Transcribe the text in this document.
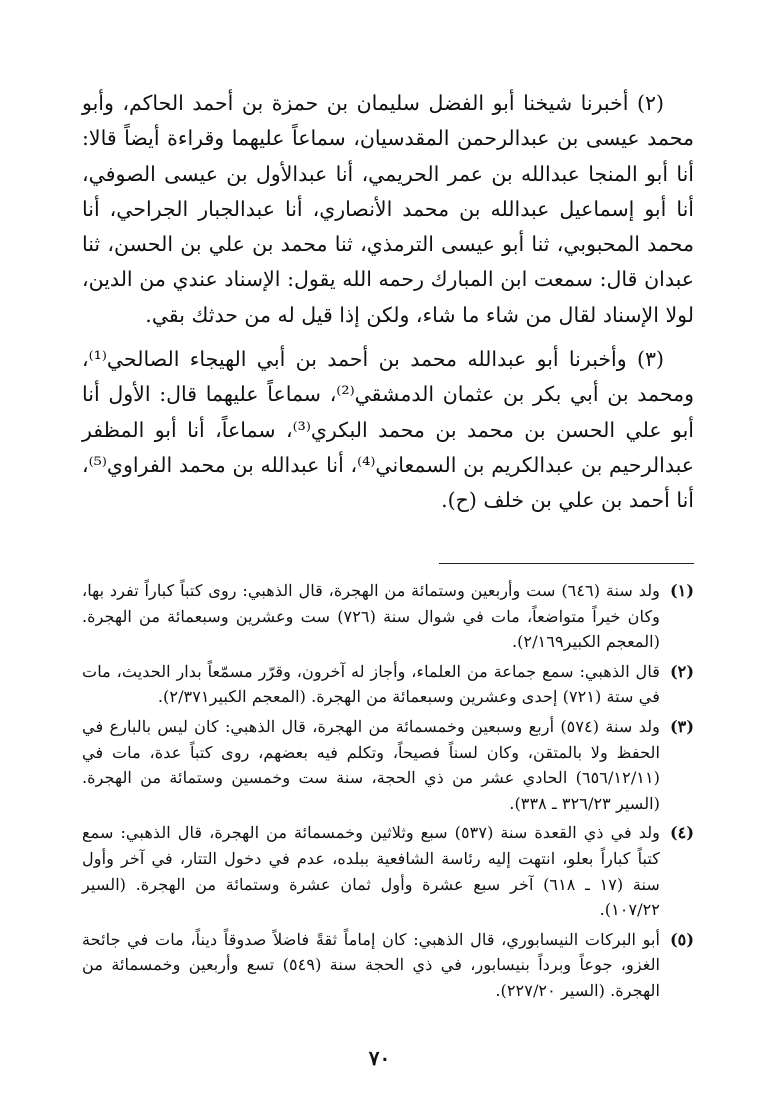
(٢) أخبرنا شيخنا أبو الفضل سليمان بن حمزة بن أحمد الحاكم، وأبو محمد عيسى بن عبدالرحمن المقدسيان، سماعاً عليهما وقراءة أيضاً قالا: أنا أبو المنجا عبدالله بن عمر الحريمي، أنا عبدالأول بن عيسى الصوفي، أنا أبو إسماعيل عبدالله بن محمد الأنصاري، أنا عبدالجبار الجراحي، أنا محمد المحبوبي، ثنا أبو عيسى الترمذي، ثنا محمد بن علي بن الحسن، ثنا عبدان قال: سمعت ابن المبارك رحمه الله يقول: الإسناد عندي من الدين، لولا الإسناد لقال من شاء ما شاء، ولكن إذا قيل له من حدثك بقي.

(٣) وأخبرنا أبو عبدالله محمد بن أحمد بن أبي الهيجاء الصالحي⁽¹⁾، ومحمد بن أبي بكر بن عثمان الدمشقي⁽²⁾، سماعاً عليهما قال: الأول أنا أبو علي الحسن بن محمد بن محمد البكري⁽³⁾، سماعاً، أنا أبو المظفر عبدالرحيم بن عبدالكريم بن السمعاني⁽⁴⁾، أنا عبدالله بن محمد الفراوي⁽⁵⁾، أنا أحمد بن علي بن خلف (ح).

(١)
ولد سنة (٦٤٦) ست وأربعين وستمائة من الهجرة، قال الذهبي: روى كتباً كباراً تفرد بها، وكان خيراً متواضعاً، مات في شوال سنة (٧٢٦) ست وعشرين وسبعمائة من الهجرة. (المعجم الكبير٢/١٦٩).
(٢)
قال الذهبي: سمع جماعة من العلماء، وأجاز له آخرون، وقرّر مسمّعاً بدار الحديث، مات في ستة (٧٢١) إحدى وعشرين وسبعمائة من الهجرة. (المعجم الكبير٢/٣٧١).
(٣)
ولد سنة (٥٧٤) أربع وسبعين وخمسمائة من الهجرة، قال الذهبي: كان ليس بالبارع في الحفظ ولا بالمتقن، وكان لسناً فصيحاً، وتكلم فيه بعضهم، روى كتباً عدة، مات في (٦٥٦/١٢/١١) الحادي عشر من ذي الحجة، سنة ست وخمسين وستمائة من الهجرة. (السير ٣٢٦/٢٣ ـ ٣٣٨).
(٤)
ولد في ذي القعدة سنة (٥٣٧) سبع وثلاثين وخمسمائة من الهجرة، قال الذهبي: سمع كتباً كباراً بعلو، انتهت إليه رئاسة الشافعية ببلده، عدم في دخول التتار، في آخر وأول سنة (١٧ ـ ٦١٨) آخر سبع عشرة وأول ثمان عشرة وستمائة من الهجرة. (السير ١٠٧/٢٢).
(٥)
أبو البركات النيسابوري، قال الذهبي: كان إماماً ثقةً فاضلاً صدوقاً ديناً، مات في جائحة الغزو، جوعاً وبرداً بنيسابور، في ذي الحجة سنة (٥٤٩) تسع وأربعين وخمسمائة من الهجرة. (السير ٢٢٧/٢٠).
٧٠
